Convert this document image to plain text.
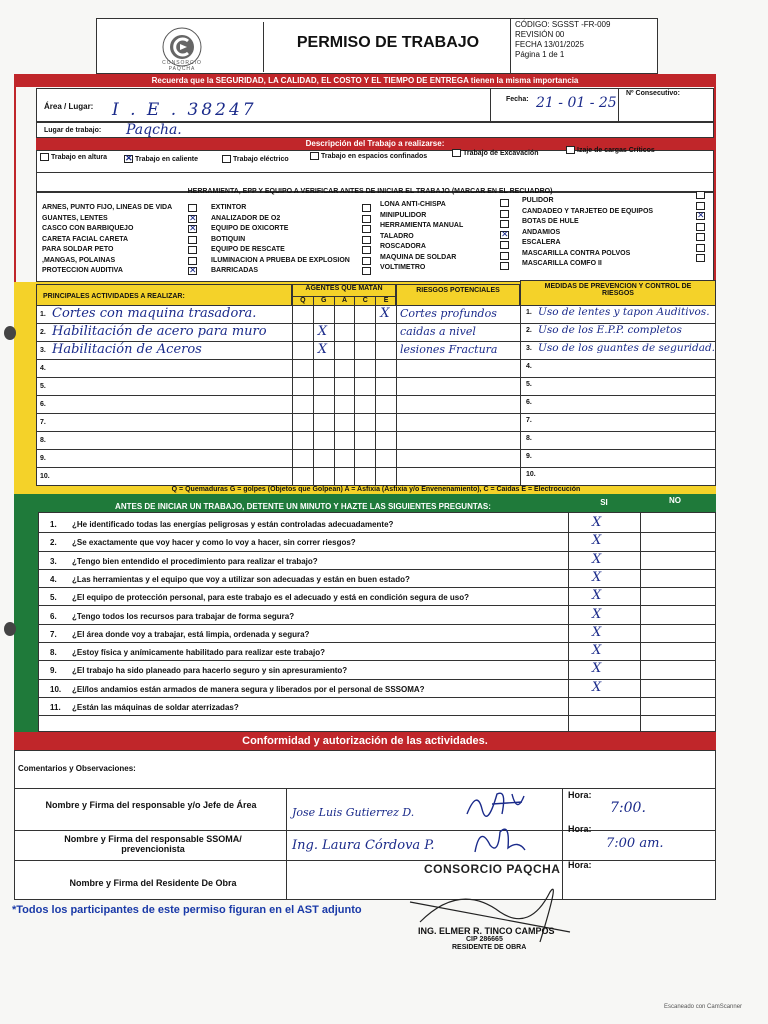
CONSORCIO PAQCHA
PERMISO DE TRABAJO
CÓDIGO: SGSST -FR-009
REVISIÓN 00
FECHA 13/01/2025
Página 1 de 1
Recuerda que la SEGURIDAD, LA CALIDAD, EL COSTO Y EL TIEMPO DE ENTREGA tienen la misma importancia
Área / Lugar: I . E . 38247
Fecha: 21 - 01 - 25
Nº Consecutivo:
Lugar de trabajo: Paqcha.
Descripción del Trabajo a realizarse:
Trabajo en altura
✕	Trabajo en caliente	Trabajo eléctrico	Trabajo en espacios confinados	Trabajo de Excavación	Izaje de cargas Críticos
HERRAMIENTA, EPP Y EQUIPO A VERIFICAR ANTES DE INICIAR EL TRABAJO (MARCAR EN EL RECUADRO)
ARNES, PUNTO FIJO, LINEAS DE VIDA
GUANTES, LENTES
CASCO CON BARBIQUEJO
CARETA FACIAL CARETA
PARA SOLDAR PETO
,MANGAS, POLAINAS
PROTECCION AUDITIVA
✕
✕
✕
EXTINTOR
ANALIZADOR DE O2
EQUIPO DE OXICORTE
BOTIQUIN
EQUIPO DE RESCATE
ILUMINACION A PRUEBA DE EXPLOSION
BARRICADAS
LONA ANTI-CHISPA
MINIPULIDOR
HERRAMIENTA MANUAL
TALADRO
ROSCADORA
MAQUINA DE SOLDAR
VOLTIMETRO
✕
PULIDOR
CANDADEO Y TARJETEO DE EQUIPOS
BOTAS DE HULE
ANDAMIOS
ESCALERA
MASCARILLA CONTRA POLVOS
MASCARILLA COMFO II
✕
PRINCIPALES ACTIVIDADES A REALIZAR:
AGENTES QUE MATAN	RIESGOS POTENCIALES
MEDIDAS DE PREVENCION Y CONTROL DE RIESGOS
Q	G	A	C	E
1. Cortes con maquina trasadora.	X Cortes profundos	1. Uso de lentes y tapon Auditivos.
2. Habilitación de acero para muro	X	caidas a nivel	2. Uso de los E.P.P. completos
3. Habilitación de Aceros	X	lesiones Fractura	3. Uso de los guantes de seguridad.
4.	4.
5.	5.
6.	6.
7.	7.
8.	8.
9.	9.
10.	10.
Q = Quemaduras G = golpes (Objetos que Golpean) A = Asfixia (Asfixia y/o Envenenamiento), C = Caidas E = Electrocución
ANTES DE INICIAR UN TRABAJO, DETENTE UN MINUTO Y HAZTE LAS SIGUIENTES PREGUNTAS:	SI	NO
1. ¿He identificado todas las energías peligrosas y están controladas adecuadamente?	X
2. ¿Se exactamente que voy hacer y como lo voy a hacer, sin correr riesgos?	X
3. ¿Tengo bien entendido el procedimiento para realizar el trabajo?	X
4. ¿Las herramientas y el equipo que voy a utilizar son adecuadas y están en buen estado?	X
5. ¿El equipo de protección personal, para este trabajo es el adecuado y está en condición segura de uso?	X
6. ¿Tengo todos los recursos para trabajar de forma segura?	X
7. ¿El área donde voy a trabajar, está limpia, ordenada y segura?	X
8. ¿Estoy física y anímicamente habilitado para realizar este trabajo?	X
9. ¿El trabajo ha sido planeado para hacerlo seguro y sin apresuramiento?	X
10. ¿El/los andamios están armados de manera segura y liberados por el personal de SSSOMA?	X
11. ¿Están las máquinas de soldar aterrizadas?
Conformidad y autorización de las actividades.
Comentarios y Observaciones:
Nombre y Firma del responsable y/o Jefe de Área
Jose Luis Gutierrez D.
Hora:
7:00.
Nombre y Firma del responsable SSOMA/ prevencionista	Ing. Laura Córdova P.
Hora:
7:00 am.
Nombre y Firma del Residente De Obra
Hora:
CONSORCIO PAQCHA
ING. ELMER R. TINCO CAMPOS
CIP 286665
RESIDENTE DE OBRA
*Todos los participantes de este permiso figuran en el AST adjunto
Escaneado con CamScanner
